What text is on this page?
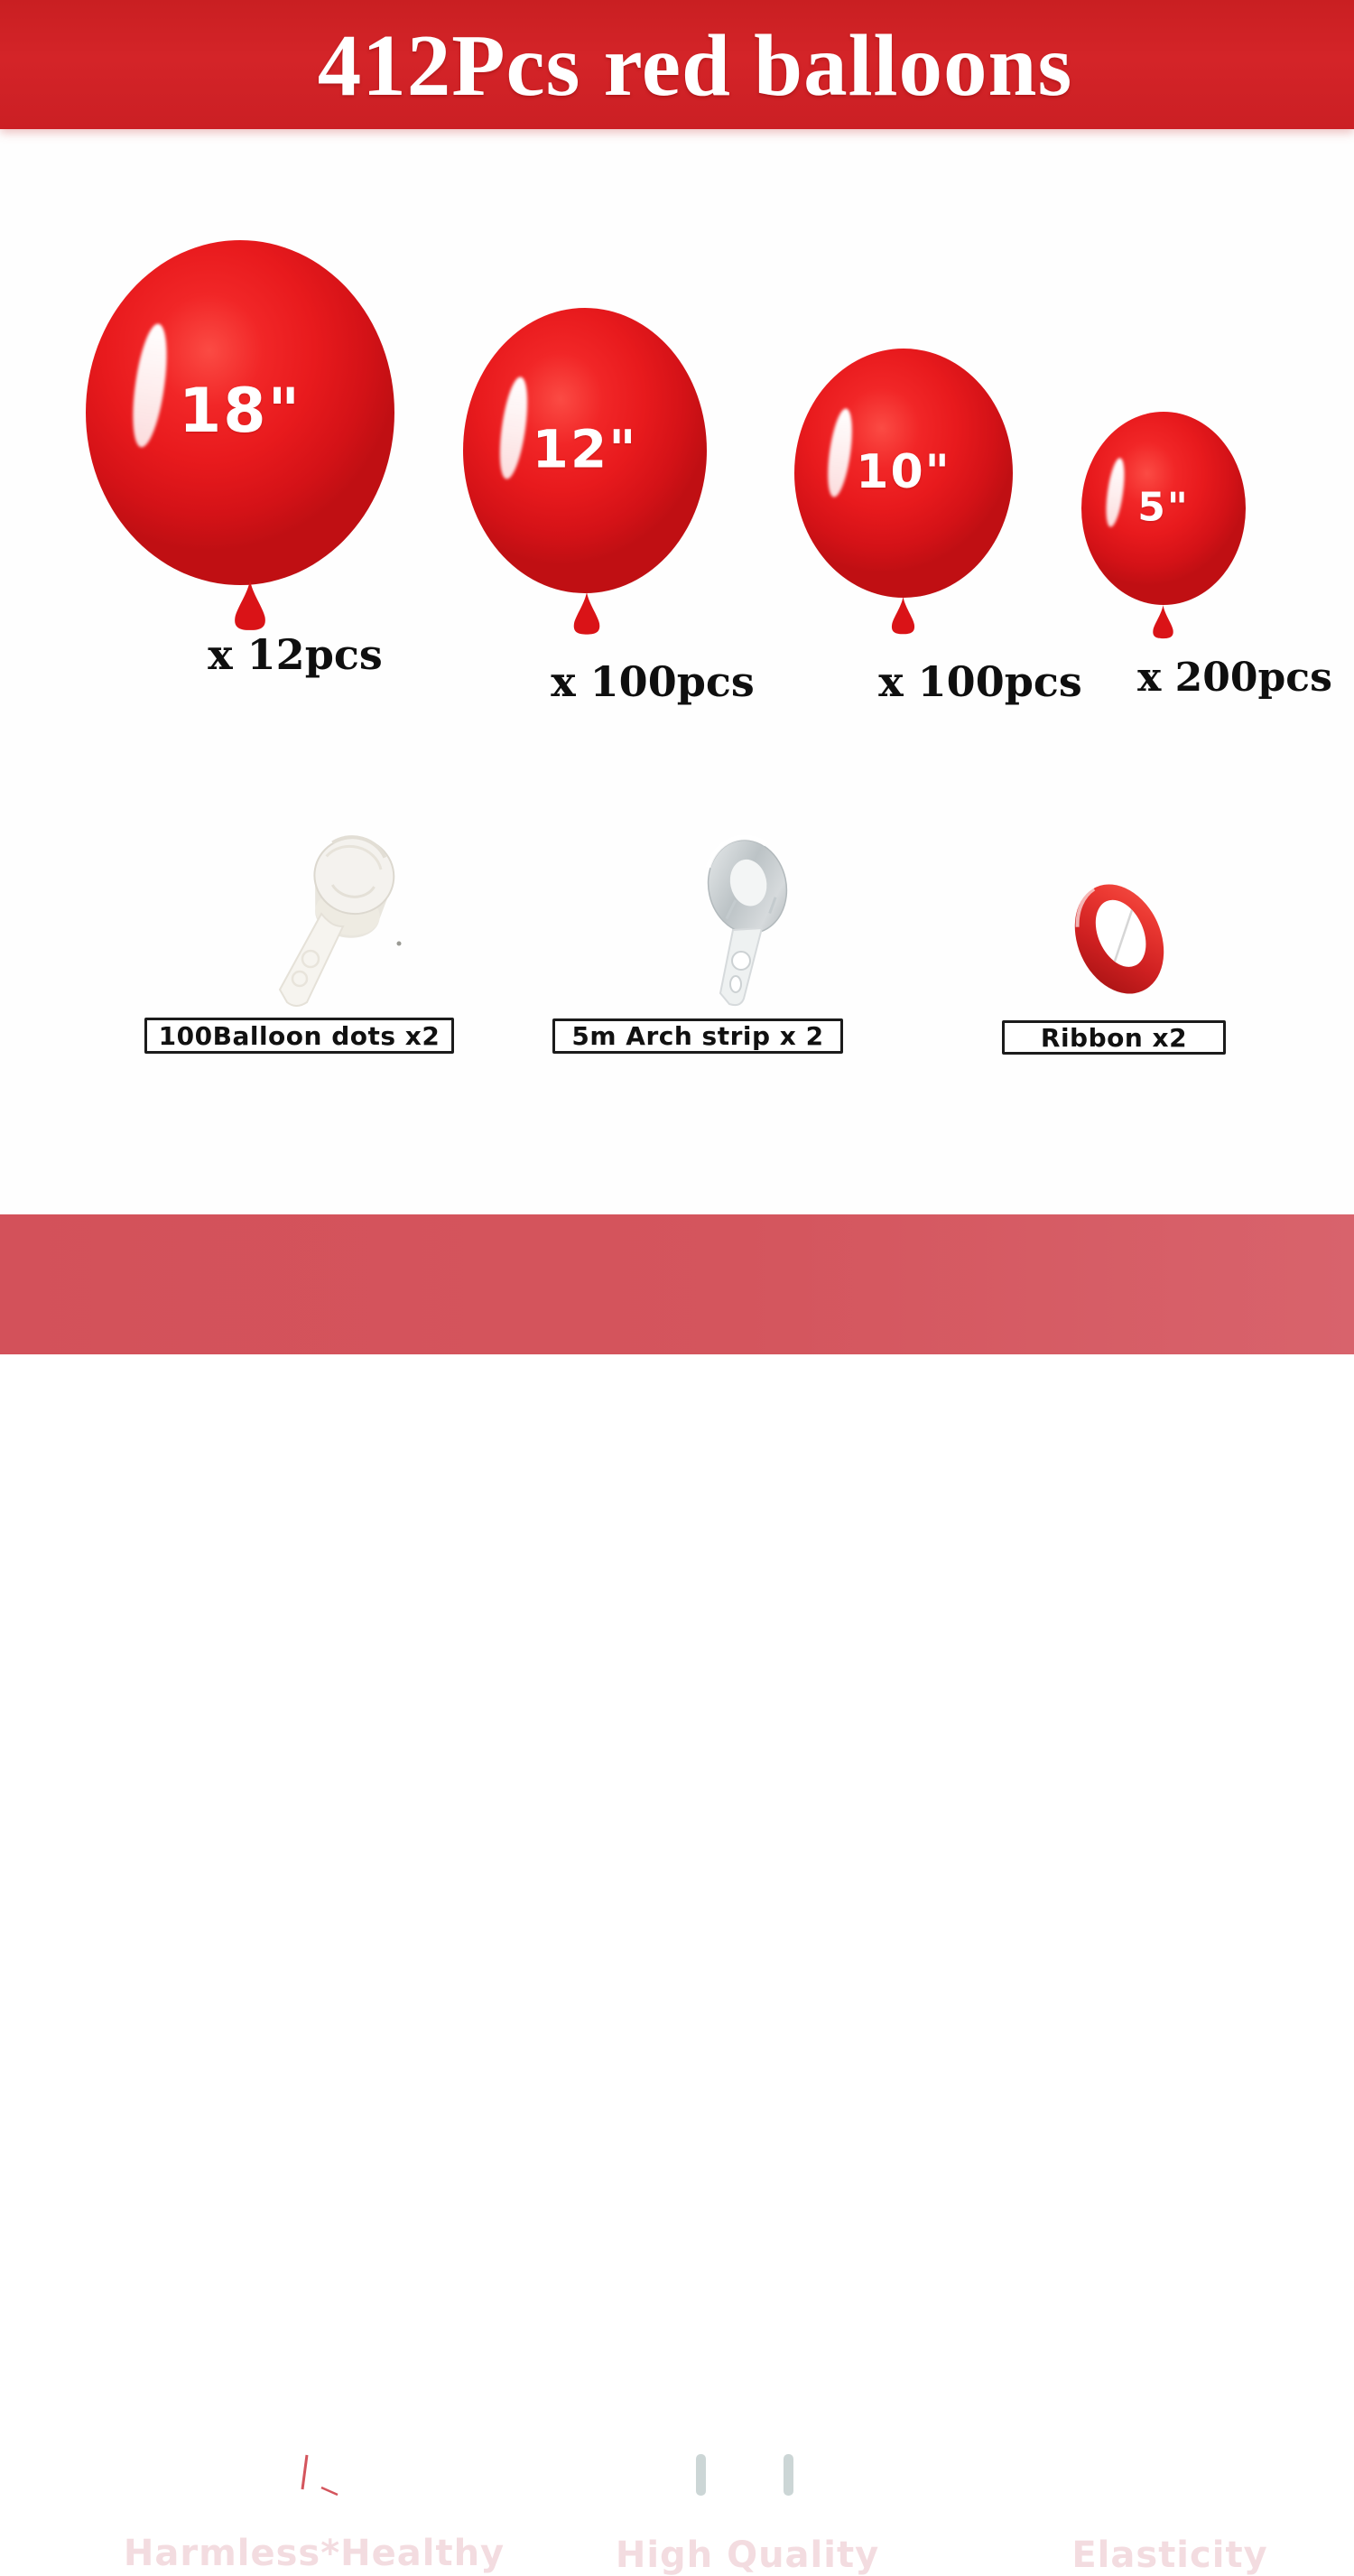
412Pcs red balloons
18"
x 12pcs
12"
x 100pcs
10"
x 100pcs
5"
x 200pcs
100Balloon dots x2	5m Arch strip x 2	Ribbon x2
Harmless*Healthy	High Quality	Elasticity
